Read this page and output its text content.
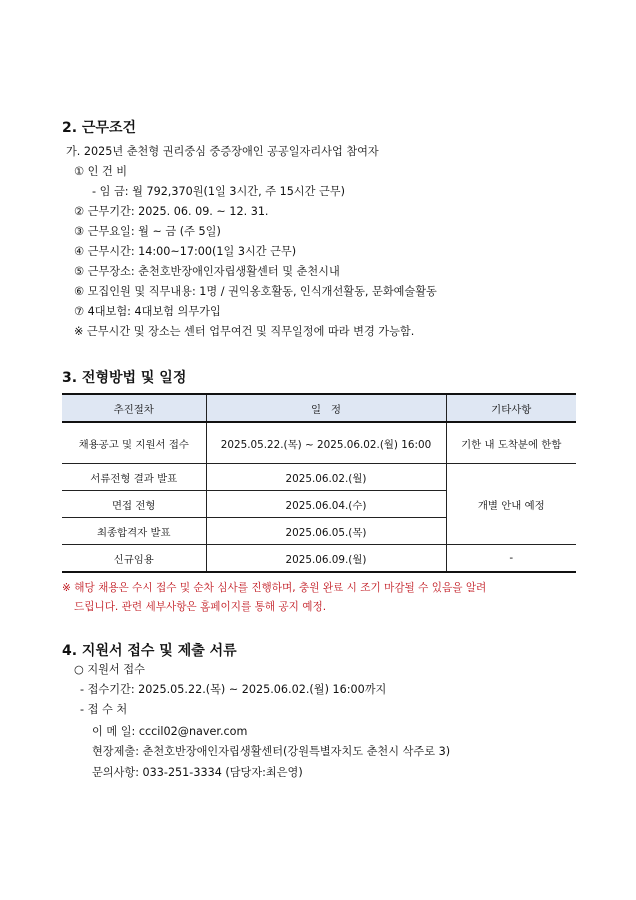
2. 근무조건
가. 2025년 춘천형 권리중심 중증장애인 공공일자리사업 참여자
① 인 건 비
- 임 금: 월 792,370원(1일 3시간, 주 15시간 근무)
② 근무기간: 2025. 06. 09. ~ 12. 31.
③ 근무요일: 월 ~ 금 (주 5일)
④ 근무시간: 14:00~17:00(1일 3시간 근무)
⑤ 근무장소: 춘천호반장애인자립생활센터 및 춘천시내
⑥ 모집인원 및 직무내용: 1명 / 권익옹호활동, 인식개선활동, 문화예술활동
⑦ 4대보험: 4대보험 의무가입
※ 근무시간 및 장소는 센터 업무여건 및 직무일정에 따라 변경 가능함.
3. 전형방법 및 일정
추진절차	일   정	기타사항
채용공고 및 지원서 접수	2025.05.22.(목) ~ 2025.06.02.(월) 16:00	기한 내 도착분에 한함
서류전형 결과 발표	2025.06.02.(월)	개별 안내 예정
면접 전형	2025.06.04.(수)	
최종합격자 발표	2025.06.05.(목)	
신규임용	2025.06.09.(월)	-
※ 해당 채용은 수시 접수 및 순차 심사를 진행하며, 충원 완료 시 조기 마감될 수 있음을 알려
드립니다. 관련 세부사항은 홈페이지를 통해 공지 예정.
4. 지원서 접수 및 제출 서류
○ 지원서 접수
- 접수기간: 2025.05.22.(목) ~ 2025.06.02.(월) 16:00까지
- 접 수 처
이 메 일: cccil02@naver.com
현장제출: 춘천호반장애인자립생활센터(강원특별자치도 춘천시 삭주로 3)
문의사항: 033-251-3334 (담당자:최은영)
